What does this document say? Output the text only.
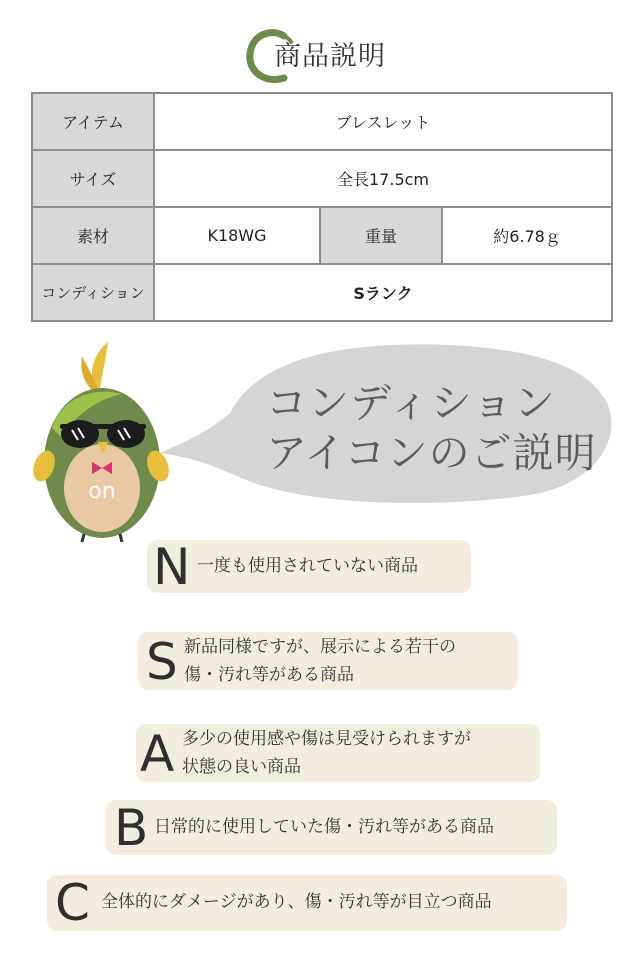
商品説明
アイテム	ブレスレット		
サイズ	全長17.5cm		
素材	K18WG	重量	約6.78ｇ
コンディション	Sランク		
on
コンディション
アイコンのご説明
N 一度も使用されていない商品
S 新品同様ですが、展示による若干の
傷・汚れ等がある商品
A 多少の使用感や傷は見受けられますが
状態の良い商品
B 日常的に使用していた傷・汚れ等がある商品
C 全体的にダメージがあり、傷・汚れ等が目立つ商品
